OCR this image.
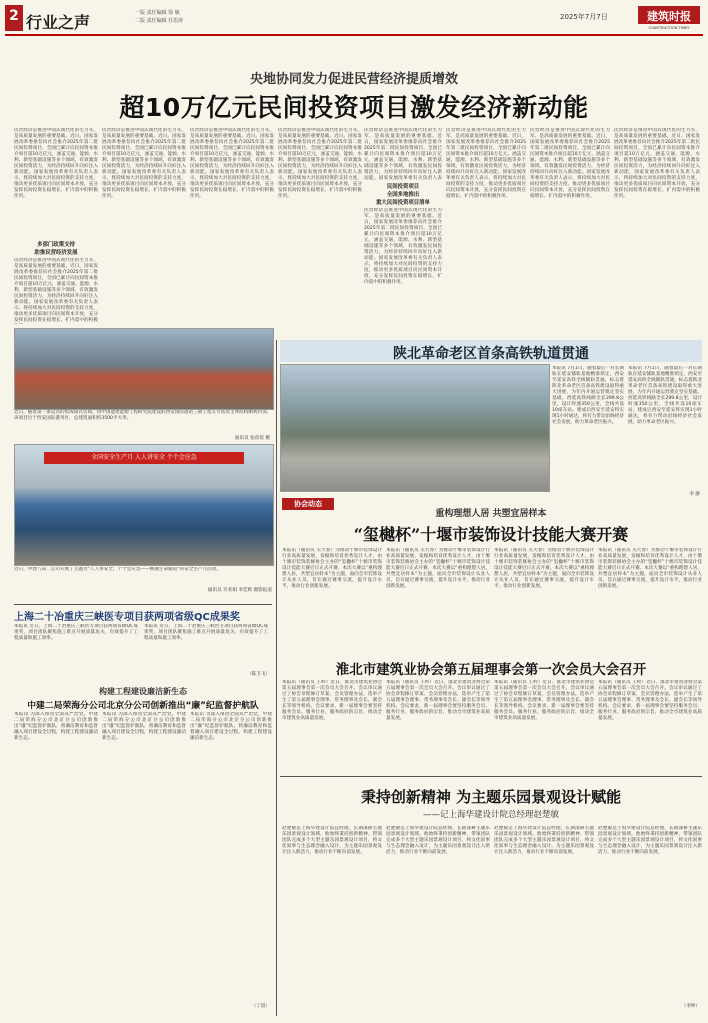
2 行业之声	一版 责任编辑 徐 敏
二版 责任编辑 任思涛	2025年7月7日	建筑时报
CONSTRUCTION TIMES
央地协同发力促进民营经济提质增效
超10万亿元民间投资项目激发经济新动能
民营经济是推进中国式现代化的生力军，是高质量发展的重要基础。近日，国家发展改革委推荐向社会推介2025年第二批民间投资项目，全国已累计向民间资本推介项目超10万亿元，涵盖交通、能源、水利、新型基础设施等多个领域，有效激发民间投资活力，为经济持续回升向好注入新动能。国家发展改革委有关负责人表示，将持续加大对民间投资的支持力度，推动更多优质项目向民间资本开放，充分发挥民间投资在稳增长、扩内需中的积极作用。
多部门政策支持
助推民营经济发展
民营经济是推进中国式现代化的生力军，是高质量发展的重要基础。近日，国家发展改革委推荐向社会推介2025年第二批民间投资项目，全国已累计向民间资本推介项目超10万亿元，涵盖交通、能源、水利、新型基础设施等多个领域，有效激发民间投资活力，为经济持续回升向好注入新动能。国家发展改革委有关负责人表示，将持续加大对民间投资的支持力度，推动更多优质项目向民间资本开放，充分发挥民间投资在稳增长、扩内需中的积极
民营经济是推进中国式现代化的生力军，是高质量发展的重要基础。近日，国家发展改革委推荐向社会推介2025年第二批民间投资项目，全国已累计向民间资本推介项目超10万亿元，涵盖交通、能源、水利、新型基础设施等多个领域，有效激发民间投资活力，为经济持续回升向好注入新动能。国家发展改革委有关负责人表示，将持续加大对民间投资的支持力度，推动更多优质项目向民间资本开放，充分发挥民间投资在稳增长、扩内需中的积极作用。
民营经济是推进中国式现代化的生力军，是高质量发展的重要基础。近日，国家发展改革委推荐向社会推介2025年第二批民间投资项目，全国已累计向民间资本推介项目超10万亿元，涵盖交通、能源、水利、新型基础设施等多个领域，有效激发民间投资活力，为经济持续回升向好注入新动能。国家发展改革委有关负责人表示，将持续加大对民间投资的支持力度，推动更多优质项目向民间资本开放，充分发挥民间投资在稳增长、扩内需中的积极作用。
民营经济是推进中国式现代化的生力军，是高质量发展的重要基础。近日，国家发展改革委推荐向社会推介2025年第二批民间投资项目，全国已累计向民间资本推介项目超10万亿元，涵盖交通、能源、水利、新型基础设施等多个领域，有效激发民间投资活力，为经济持续回升向好注入新动能。国家发展改革委有关负责人表示，将持续加大对民间投资的支持力度，推动更多优质项目向民间资本开放，充分发挥民间投资在稳增长、扩内需中的积极作用。
民营经济是推进中国式现代化的生力军，是高质量发展的重要基础。近日，国家发展改革委推荐向社会推介2025年第二批民间投资项目，全国已累计向民间资本推介项目超10万亿元，涵盖交通、能源、水利、新型基础设施等多个领域，有效激发民间投资活力，为经济持续回升向好注入新动能。国家发展改革委有关负责人表
民间投资项目
全国多地推出
重大民间投资项目清单
民营经济是推进中国式现代化的生力军，是高质量发展的重要基础。近日，国家发展改革委推荐向社会推介2025年第二批民间投资项目，全国已累计向民间资本推介项目超10万亿元，涵盖交通、能源、水利、新型基础设施等多个领域，有效激发民间投资活力，为经济持续回升向好注入新动能。国家发展改革委有关负责人表示，将持续加大对民间投资的支持力度，推动更多优质项目向民间资本开放，充分发挥民间投资在稳增长、扩内需中的积极作用。
民营经济是推进中国式现代化的生力军，是高质量发展的重要基础。近日，国家发展改革委推荐向社会推介2025年第二批民间投资项目，全国已累计向民间资本推介项目超10万亿元，涵盖交通、能源、水利、新型基础设施等多个领域，有效激发民间投资活力，为经济持续回升向好注入新动能。国家发展改革委有关负责人表示，将持续加大对民间投资的支持力度，推动更多优质项目向民间资本开放，充分发挥民间投资在稳增长、扩内需中的积极作用。
民营经济是推进中国式现代化的生力军，是高质量发展的重要基础。近日，国家发展改革委推荐向社会推介2025年第二批民间投资项目，全国已累计向民间资本推介项目超10万亿元，涵盖交通、能源、水利、新型基础设施等多个领域，有效激发民间投资活力，为经济持续回升向好注入新动能。国家发展改革委有关负责人表示，将持续加大对民间投资的支持力度，推动更多优质项目向民间资本开放，充分发挥民间投资在稳增长、扩内需中的积极作用。
民营经济是推进中国式现代化的生力军，是高质量发展的重要基础。近日，国家发展改革委推荐向社会推介2025年第二批民间投资项目，全国已累计向民间资本推介项目超10万亿元，涵盖交通、能源、水利、新型基础设施等多个领域，有效激发民间投资活力，为经济持续回升向好注入新动能。国家发展改革委有关负责人表示，将持续加大对民间投资的支持力度，推动更多优质项目向民间资本开放，充分发挥民间投资在稳增长、扩内需中的积极作用。
近日，随着第一条运送的集成箱式房间，由中国能建能源工程研究院建设的西安国际港站三期工程五号站房主体结构顺利封顶。该项目位于西安国际港务区，总建筑面积约3500平方米。
通讯员 张蓓蓓 摄
陕北革命老区首条高铁轨道贯通
本报讯 7月1日，随着最后一对长钢轨在延安铺轨基地精准锁定，西安至延安高铁全线铺轨贯通，标志着陕北革命老区首条高铁建设取得重大进展，为年内开通运营奠定坚实基础。西延高铁线路全长299.8公里，设计时速350公里，全线共设10座车站。建成后西安至延安将实现1小时通达，将有力带动沿线经济社会发展，助力革命老区振兴。
本报讯 7月1日，随着最后一对长钢轨在延安铺轨基地精准锁定，西安至延安高铁全线铺轨贯通，标志着陕北革命老区首条高铁建设取得重大进展，为年内开通运营奠定坚实基础。西延高铁线路全长299.8公里，设计时速350公里，全线共设10座车站。建成后西安至延安将实现1小时通达，将有力带动沿线经济社会发展，助力革命老区振兴。
李 静
全国安全生产月 人人讲安全 个个会应急
近日，中建八局二公司开展了主题为“人人讲安全，个个会应急——畅通生命通道”的安全生产月活动。
通讯员 许亚娟 李佳辉 摄影报道
协会动态
重构理想人居 共塑宜居样本
“玺樾杯”十堰市装饰设计技能大赛开赛
本报讯（通讯员 关大春）为推动十堰市装饰设计行业高质量发展，发掘和培育优秀设计人才，由十堰市装饰装修协会主办的“玺樾杯”十堰市装饰设计技能大赛近日正式开赛。本次大赛以“重构理想人居，共塑宜居样本”为主题，面向全市装饰设计从业人员，旨在通过赛事交流，提升设计水平，推动行业创新发展。
本报讯（通讯员 关大春）为推动十堰市装饰设计行业高质量发展，发掘和培育优秀设计人才，由十堰市装饰装修协会主办的“玺樾杯”十堰市装饰设计技能大赛近日正式开赛。本次大赛以“重构理想人居，共塑宜居样本”为主题，面向全市装饰设计从业人员，旨在通过赛事交流，提升设计水平，推动行业创新发展。
本报讯（通讯员 关大春）为推动十堰市装饰设计行业高质量发展，发掘和培育优秀设计人才，由十堰市装饰装修协会主办的“玺樾杯”十堰市装饰设计技能大赛近日正式开赛。本次大赛以“重构理想人居，共塑宜居样本”为主题，面向全市装饰设计从业人员，旨在通过赛事交流，提升设计水平，推动行业创新发展。
本报讯（通讯员 关大春）为推动十堰市装饰设计行业高质量发展，发掘和培育优秀设计人才，由十堰市装饰装修协会主办的“玺樾杯”十堰市装饰设计技能大赛近日正式开赛。本次大赛以“重构理想人居，共塑宜居样本”为主题，面向全市装饰设计从业人员，旨在通过赛事交流，提升设计水平，推动行业创新发展。
淮北市建筑业协会第五届理事会第一次会员大会召开
本报讯（通讯员 王岭）近日，淮北市建筑业协会第五届理事会第一次会员大会召开。会议审议通过了协会章程修订草案、会员管理办法，选举产生了第五届理事会理事、常务理事及会长、副会长等领导机构。会议要求，新一届理事会要坚持服务会员、服务行业、服务政府的宗旨，推动全市建筑业高质量发展。
本报讯（通讯员 王岭）近日，淮北市建筑业协会第五届理事会第一次会员大会召开。会议审议通过了协会章程修订草案、会员管理办法，选举产生了第五届理事会理事、常务理事及会长、副会长等领导机构。会议要求，新一届理事会要坚持服务会员、服务行业、服务政府的宗旨，推动全市建筑业高质量发展。
本报讯（通讯员 王岭）近日，淮北市建筑业协会第五届理事会第一次会员大会召开。会议审议通过了协会章程修订草案、会员管理办法，选举产生了第五届理事会理事、常务理事及会长、副会长等领导机构。会议要求，新一届理事会要坚持服务会员、服务行业、服务政府的宗旨，推动全市建筑业高质量发展。
本报讯（通讯员 王岭）近日，淮北市建筑业协会第五届理事会第一次会员大会召开。会议审议通过了协会章程修订草案、会员管理办法，选举产生了第五届理事会理事、常务理事及会长、副会长等领导机构。会议要求，新一届理事会要坚持服务会员、服务行业、服务政府的宗旨，推动全市建筑业高质量发展。
上海二十冶重庆三峡医专项目获两项省级QC成果奖
本报讯 近日，上海二十冶重庆三峡医专项目获两项省级QC成果奖，项目团队聚焦施工难点开展质量攻关，有效提升了工程质量和施工效率。
本报讯 近日，上海二十冶重庆三峡医专项目获两项省级QC成果奖，项目团队聚焦施工难点开展质量攻关，有效提升了工程质量和施工效率。
（陈卫飞）
构建工程建设廉洁新生态
中建二局荣海分公司北京分公司创新推出“廉”纪监督护航队
本报讯 为深入推进全面从严治党，中建二局荣海分公司北京分公司创新推出“廉”纪监督护航队，将廉洁教育和监督融入项目建设全过程，构建工程建设廉洁新生态。
本报讯 为深入推进全面从严治党，中建二局荣海分公司北京分公司创新推出“廉”纪监督护航队，将廉洁教育和监督融入项目建设全过程，构建工程建设廉洁新生态。
本报讯 为深入推进全面从严治党，中建二局荣海分公司北京分公司创新推出“廉”纪监督护航队，将廉洁教育和监督融入项目建设全过程，构建工程建设廉洁新生态。
（丁晨）
秉持创新精神 为主题乐园景观设计赋能
——记上海华建设计院总经理赵楚敏
赵楚敏是上海华建设计院总经理，长期深耕主题乐园景观设计领域。他始终秉持创新精神，带领团队完成多个大型主题乐园景观设计项目，将文化叙事与生态理念融入设计，为主题乐园景观设计注入新活力，推动行业不断向前发展。
赵楚敏是上海华建设计院总经理，长期深耕主题乐园景观设计领域。他始终秉持创新精神，带领团队完成多个大型主题乐园景观设计项目，将文化叙事与生态理念融入设计，为主题乐园景观设计注入新活力，推动行业不断向前发展。
赵楚敏是上海华建设计院总经理，长期深耕主题乐园景观设计领域。他始终秉持创新精神，带领团队完成多个大型主题乐园景观设计项目，将文化叙事与生态理念融入设计，为主题乐园景观设计注入新活力，推动行业不断向前发展。
赵楚敏是上海华建设计院总经理，长期深耕主题乐园景观设计领域。他始终秉持创新精神，带领团队完成多个大型主题乐园景观设计项目，将文化叙事与生态理念融入设计，为主题乐园景观设计注入新活力，推动行业不断向前发展。
（李坤）
